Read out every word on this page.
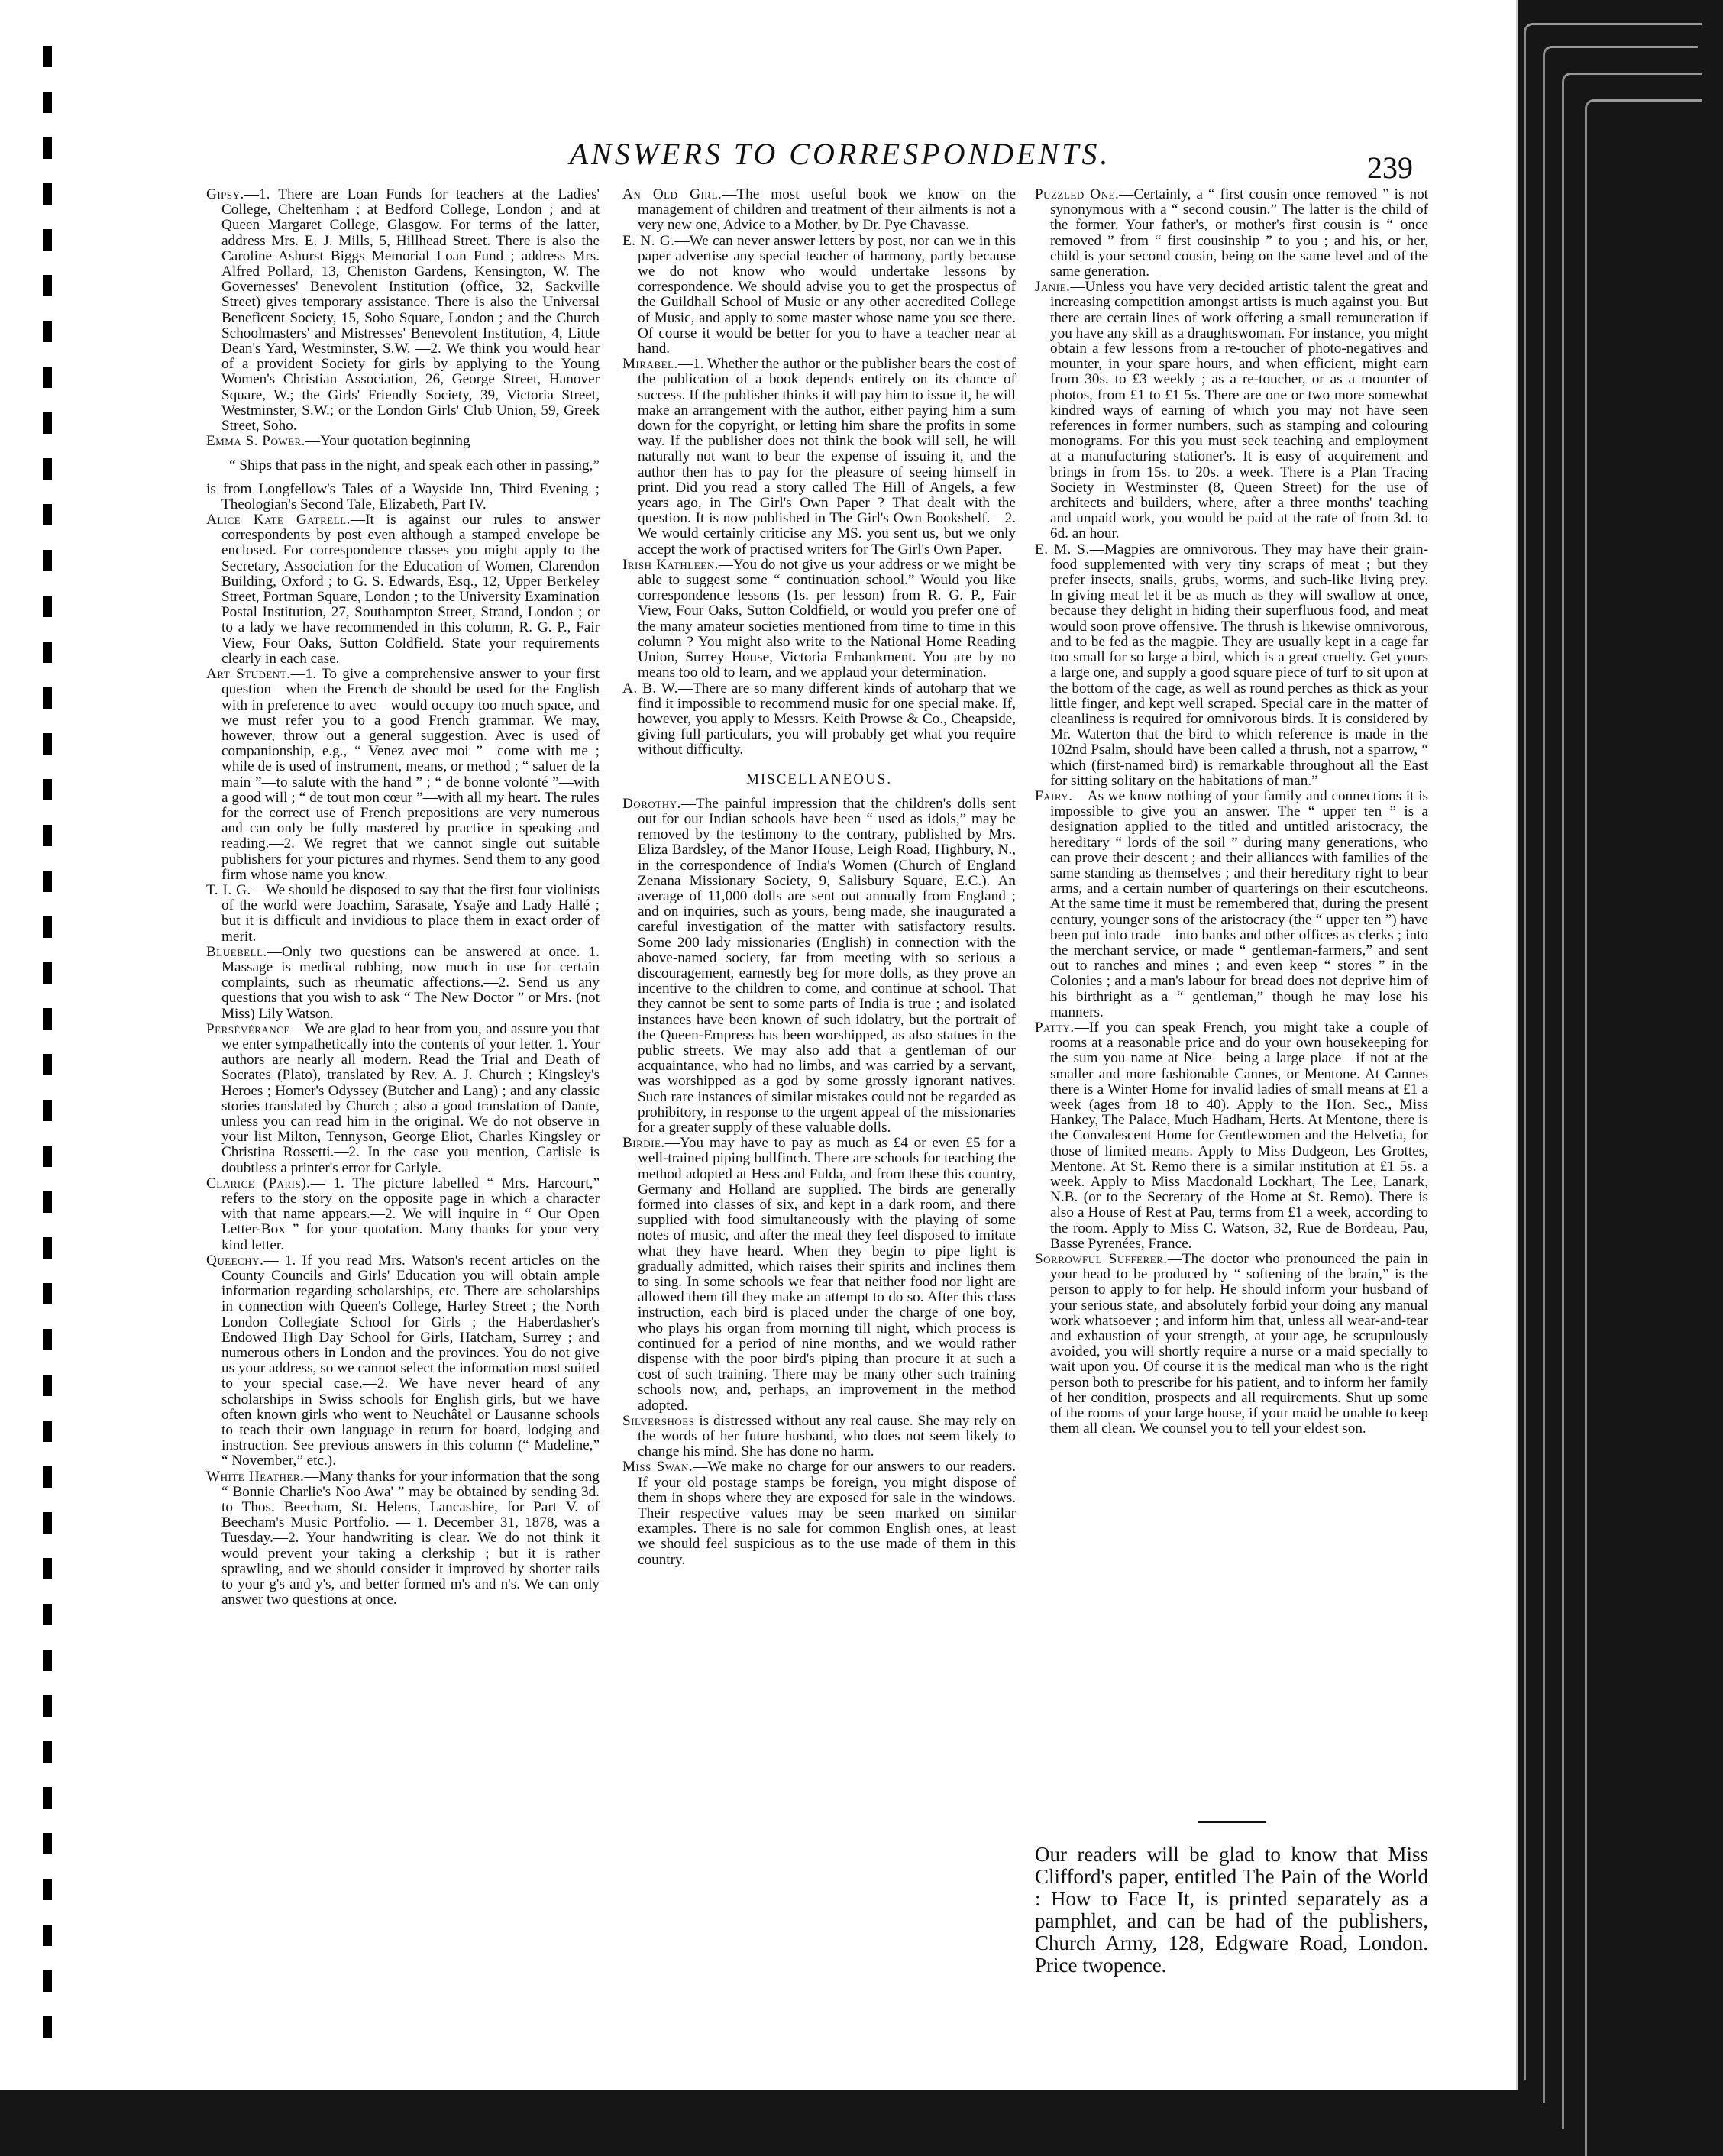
ANSWERS TO CORRESPONDENTS.	239

Gipsy.—1. There are Loan Funds for teachers at the Ladies' College, Cheltenham ; at Bedford College, London ; and at Queen Margaret College, Glasgow. For terms of the latter, address Mrs. E. J. Mills, 5, Hillhead Street. There is also the Caroline Ashurst Biggs Memorial Loan Fund ; address Mrs. Alfred Pollard, 13, Cheniston Gardens, Kensington, W. The Governesses' Benevolent Institution (office, 32, Sackville Street) gives temporary assistance. There is also the Universal Beneficent Society, 15, Soho Square, London ; and the Church Schoolmasters' and Mistresses' Benevolent Institution, 4, Little Dean's Yard, Westminster, S.W. —2. We think you would hear of a provident Society for girls by applying to the Young Women's Christian Association, 26, George Street, Hanover Square, W.; the Girls' Friendly Society, 39, Victoria Street, Westminster, S.W.; or the London Girls' Club Union, 59, Greek Street, Soho.

Emma S. Power.—Your quotation beginning

“ Ships that pass in the night, and speak each other in passing,”

is from Longfellow's Tales of a Wayside Inn, Third Evening ; Theologian's Second Tale, Elizabeth, Part IV.

Alice Kate Gatrell.—It is against our rules to answer correspondents by post even although a stamped envelope be enclosed. For correspondence classes you might apply to the Secretary, Association for the Education of Women, Clarendon Building, Oxford ; to G. S. Edwards, Esq., 12, Upper Berkeley Street, Portman Square, London ; to the University Examination Postal Institution, 27, Southampton Street, Strand, London ; or to a lady we have recommended in this column, R. G. P., Fair View, Four Oaks, Sutton Coldfield. State your requirements clearly in each case.

Art Student.—1. To give a comprehensive answer to your first question—when the French de should be used for the English with in preference to avec—would occupy too much space, and we must refer you to a good French grammar. We may, however, throw out a general suggestion. Avec is used of companionship, e.g., “ Venez avec moi ”—come with me ; while de is used of instrument, means, or method ; “ saluer de la main ”—to salute with the hand ” ; “ de bonne volonté ”—with a good will ; “ de tout mon cœur ”—with all my heart. The rules for the correct use of French prepositions are very numerous and can only be fully mastered by practice in speaking and reading.—2. We regret that we cannot single out suitable publishers for your pictures and rhymes. Send them to any good firm whose name you know.

T. I. G.—We should be disposed to say that the first four violinists of the world were Joachim, Sarasate, Ysaÿe and Lady Hallé ; but it is difficult and invidious to place them in exact order of merit.

Bluebell.—Only two questions can be answered at once. 1. Massage is medical rubbing, now much in use for certain complaints, such as rheumatic affections.—2. Send us any questions that you wish to ask “ The New Doctor ” or Mrs. (not Miss) Lily Watson.

Persévérance—We are glad to hear from you, and assure you that we enter sympathetically into the contents of your letter. 1. Your authors are nearly all modern. Read the Trial and Death of Socrates (Plato), translated by Rev. A. J. Church ; Kingsley's Heroes ; Homer's Odyssey (Butcher and Lang) ; and any classic stories translated by Church ; also a good translation of Dante, unless you can read him in the original. We do not observe in your list Milton, Tennyson, George Eliot, Charles Kingsley or Christina Rossetti.—2. In the case you mention, Carlisle is doubtless a printer's error for Carlyle.

Clarice (Paris).— 1. The picture labelled “ Mrs. Harcourt,” refers to the story on the opposite page in which a character with that name appears.—2. We will inquire in “ Our Open Letter-Box ” for your quotation. Many thanks for your very kind letter.

Queechy.— 1. If you read Mrs. Watson's recent articles on the County Councils and Girls' Education you will obtain ample information regarding scholarships, etc. There are scholarships in connection with Queen's College, Harley Street ; the North London Collegiate School for Girls ; the Haberdasher's Endowed High Day School for Girls, Hatcham, Surrey ; and numerous others in London and the provinces. You do not give us your address, so we cannot select the information most suited to your special case.—2. We have never heard of any scholarships in Swiss schools for English girls, but we have often known girls who went to Neuchâtel or Lausanne schools to teach their own language in return for board, lodging and instruction. See previous answers in this column (“ Madeline,” “ November,” etc.).

White Heather.—Many thanks for your information that the song “ Bonnie Charlie's Noo Awa' ” may be obtained by sending 3d. to Thos. Beecham, St. Helens, Lancashire, for Part V. of Beecham's Music Portfolio. — 1. December 31, 1878, was a Tuesday.—2. Your handwriting is clear. We do not think it would prevent your taking a clerkship ; but it is rather sprawling, and we should consider it improved by shorter tails to your g's and y's, and better formed m's and n's. We can only answer two questions at once.

An Old Girl.—The most useful book we know on the management of children and treatment of their ailments is not a very new one, Advice to a Mother, by Dr. Pye Chavasse.

E. N. G.—We can never answer letters by post, nor can we in this paper advertise any special teacher of harmony, partly because we do not know who would undertake lessons by correspondence. We should advise you to get the prospectus of the Guildhall School of Music or any other accredited College of Music, and apply to some master whose name you see there. Of course it would be better for you to have a teacher near at hand.

Mirabel.—1. Whether the author or the publisher bears the cost of the publication of a book depends entirely on its chance of success. If the publisher thinks it will pay him to issue it, he will make an arrangement with the author, either paying him a sum down for the copyright, or letting him share the profits in some way. If the publisher does not think the book will sell, he will naturally not want to bear the expense of issuing it, and the author then has to pay for the pleasure of seeing himself in print. Did you read a story called The Hill of Angels, a few years ago, in The Girl's Own Paper ? That dealt with the question. It is now published in The Girl's Own Bookshelf.—2. We would certainly criticise any MS. you sent us, but we only accept the work of practised writers for The Girl's Own Paper.

Irish Kathleen.—You do not give us your address or we might be able to suggest some “ continuation school.” Would you like correspondence lessons (1s. per lesson) from R. G. P., Fair View, Four Oaks, Sutton Coldfield, or would you prefer one of the many amateur societies mentioned from time to time in this column ? You might also write to the National Home Reading Union, Surrey House, Victoria Embankment. You are by no means too old to learn, and we applaud your determination.

A. B. W.—There are so many different kinds of autoharp that we find it impossible to recommend music for one special make. If, however, you apply to Messrs. Keith Prowse & Co., Cheapside, giving full particulars, you will probably get what you require without difficulty.

MISCELLANEOUS.

Dorothy.—The painful impression that the children's dolls sent out for our Indian schools have been “ used as idols,” may be removed by the testimony to the contrary, published by Mrs. Eliza Bardsley, of the Manor House, Leigh Road, Highbury, N., in the correspondence of India's Women (Church of England Zenana Missionary Society, 9, Salisbury Square, E.C.). An average of 11,000 dolls are sent out annually from England ; and on inquiries, such as yours, being made, she inaugurated a careful investigation of the matter with satisfactory results. Some 200 lady missionaries (English) in connection with the above-named society, far from meeting with so serious a discouragement, earnestly beg for more dolls, as they prove an incentive to the children to come, and continue at school. That they cannot be sent to some parts of India is true ; and isolated instances have been known of such idolatry, but the portrait of the Queen-Empress has been worshipped, as also statues in the public streets. We may also add that a gentleman of our acquaintance, who had no limbs, and was carried by a servant, was worshipped as a god by some grossly ignorant natives. Such rare instances of similar mistakes could not be regarded as prohibitory, in response to the urgent appeal of the missionaries for a greater supply of these valuable dolls.

Birdie.—You may have to pay as much as £4 or even £5 for a well-trained piping bullfinch. There are schools for teaching the method adopted at Hess and Fulda, and from these this country, Germany and Holland are supplied. The birds are generally formed into classes of six, and kept in a dark room, and there supplied with food simultaneously with the playing of some notes of music, and after the meal they feel disposed to imitate what they have heard. When they begin to pipe light is gradually admitted, which raises their spirits and inclines them to sing. In some schools we fear that neither food nor light are allowed them till they make an attempt to do so. After this class instruction, each bird is placed under the charge of one boy, who plays his organ from morning till night, which process is continued for a period of nine months, and we would rather dispense with the poor bird's piping than procure it at such a cost of such training. There may be many other such training schools now, and, perhaps, an improvement in the method adopted.

Silvershoes is distressed without any real cause. She may rely on the words of her future husband, who does not seem likely to change his mind. She has done no harm.

Miss Swan.—We make no charge for our answers to our readers. If your old postage stamps be foreign, you might dispose of them in shops where they are exposed for sale in the windows. Their respective values may be seen marked on similar examples. There is no sale for common English ones, at least we should feel suspicious as to the use made of them in this country.

Puzzled One.—Certainly, a “ first cousin once removed ” is not synonymous with a “ second cousin.” The latter is the child of the former. Your father's, or mother's first cousin is “ once removed ” from “ first cousinship ” to you ; and his, or her, child is your second cousin, being on the same level and of the same generation.

Janie.—Unless you have very decided artistic talent the great and increasing competition amongst artists is much against you. But there are certain lines of work offering a small remuneration if you have any skill as a draughtswoman. For instance, you might obtain a few lessons from a re-toucher of photo-negatives and mounter, in your spare hours, and when efficient, might earn from 30s. to £3 weekly ; as a re-toucher, or as a mounter of photos, from £1 to £1 5s. There are one or two more somewhat kindred ways of earning of which you may not have seen references in former numbers, such as stamping and colouring monograms. For this you must seek teaching and employment at a manufacturing stationer's. It is easy of acquirement and brings in from 15s. to 20s. a week. There is a Plan Tracing Society in Westminster (8, Queen Street) for the use of architects and builders, where, after a three months' teaching and unpaid work, you would be paid at the rate of from 3d. to 6d. an hour.

E. M. S.—Magpies are omnivorous. They may have their grain-food supplemented with very tiny scraps of meat ; but they prefer insects, snails, grubs, worms, and such-like living prey. In giving meat let it be as much as they will swallow at once, because they delight in hiding their superfluous food, and meat would soon prove offensive. The thrush is likewise omnivorous, and to be fed as the magpie. They are usually kept in a cage far too small for so large a bird, which is a great cruelty. Get yours a large one, and supply a good square piece of turf to sit upon at the bottom of the cage, as well as round perches as thick as your little finger, and kept well scraped. Special care in the matter of cleanliness is required for omnivorous birds. It is considered by Mr. Waterton that the bird to which reference is made in the 102nd Psalm, should have been called a thrush, not a sparrow, “ which (first-named bird) is remarkable throughout all the East for sitting solitary on the habitations of man.”

Fairy.—As we know nothing of your family and connections it is impossible to give you an answer. The “ upper ten ” is a designation applied to the titled and untitled aristocracy, the hereditary “ lords of the soil ” during many generations, who can prove their descent ; and their alliances with families of the same standing as themselves ; and their hereditary right to bear arms, and a certain number of quarterings on their escutcheons. At the same time it must be remembered that, during the present century, younger sons of the aristocracy (the “ upper ten ”) have been put into trade—into banks and other offices as clerks ; into the merchant service, or made “ gentleman-farmers,” and sent out to ranches and mines ; and even keep “ stores ” in the Colonies ; and a man's labour for bread does not deprive him of his birthright as a “ gentleman,” though he may lose his manners.

Patty.—If you can speak French, you might take a couple of rooms at a reasonable price and do your own housekeeping for the sum you name at Nice—being a large place—if not at the smaller and more fashionable Cannes, or Mentone. At Cannes there is a Winter Home for invalid ladies of small means at £1 a week (ages from 18 to 40). Apply to the Hon. Sec., Miss Hankey, The Palace, Much Hadham, Herts. At Mentone, there is the Convalescent Home for Gentlewomen and the Helvetia, for those of limited means. Apply to Miss Dudgeon, Les Grottes, Mentone. At St. Remo there is a similar institution at £1 5s. a week. Apply to Miss Macdonald Lockhart, The Lee, Lanark, N.B. (or to the Secretary of the Home at St. Remo). There is also a House of Rest at Pau, terms from £1 a week, according to the room. Apply to Miss C. Watson, 32, Rue de Bordeau, Pau, Basse Pyrenées, France.

Sorrowful Sufferer.—The doctor who pronounced the pain in your head to be produced by “ softening of the brain,” is the person to apply to for help. He should inform your husband of your serious state, and absolutely forbid your doing any manual work whatsoever ; and inform him that, unless all wear-and-tear and exhaustion of your strength, at your age, be scrupulously avoided, you will shortly require a nurse or a maid specially to wait upon you. Of course it is the medical man who is the right person both to prescribe for his patient, and to inform her family of her condition, prospects and all requirements. Shut up some of the rooms of your large house, if your maid be unable to keep them all clean. We counsel you to tell your eldest son.

Our readers will be glad to know that Miss Clifford's paper, entitled The Pain of the World : How to Face It, is printed separately as a pamphlet, and can be had of the publishers, Church Army, 128, Edgware Road, London. Price twopence.
